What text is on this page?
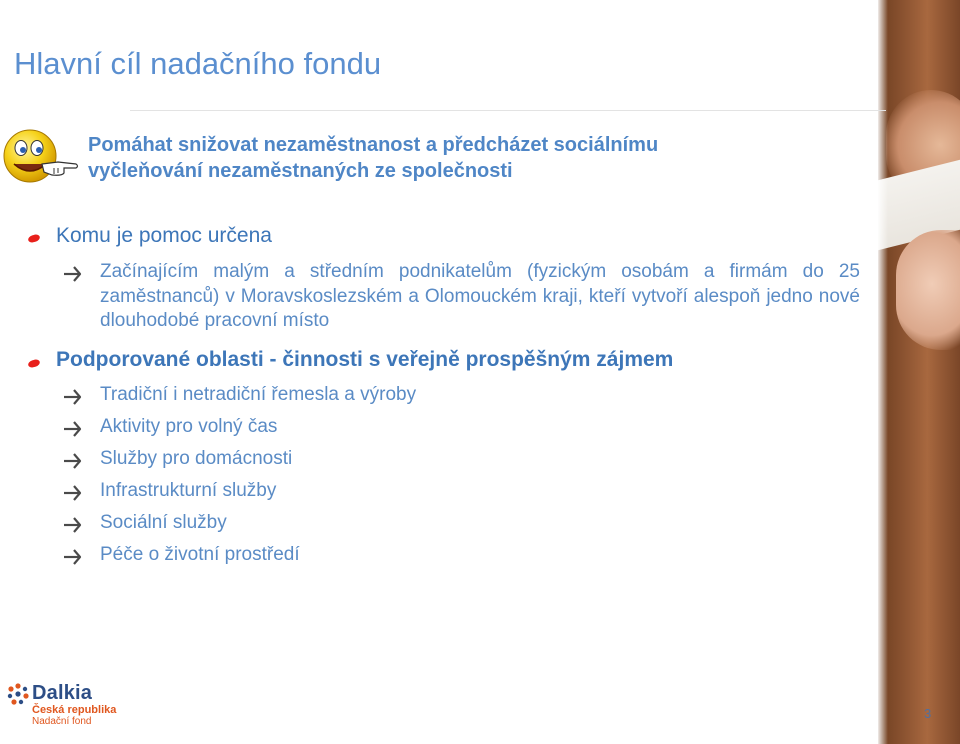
Hlavní cíl nadačního fondu
Pomáhat snižovat nezaměstnanost a předcházet sociálnímu
vyčleňování nezaměstnaných ze společnosti
Komu je pomoc určena
Začínajícím malým a středním podnikatelům (fyzickým osobám a firmám do 25 zaměstnanců) v Moravskoslezském a Olomouckém kraji, kteří vytvoří alespoň jedno nové dlouhodobé pracovní místo
Podporované oblasti - činnosti s veřejně prospěšným zájmem
Tradiční i netradiční řemesla a výroby
Aktivity pro volný čas
Služby pro domácnosti
Infrastrukturní služby
Sociální služby
Péče o životní prostředí
Dalkia
Česká republika
Nadační fond
3
